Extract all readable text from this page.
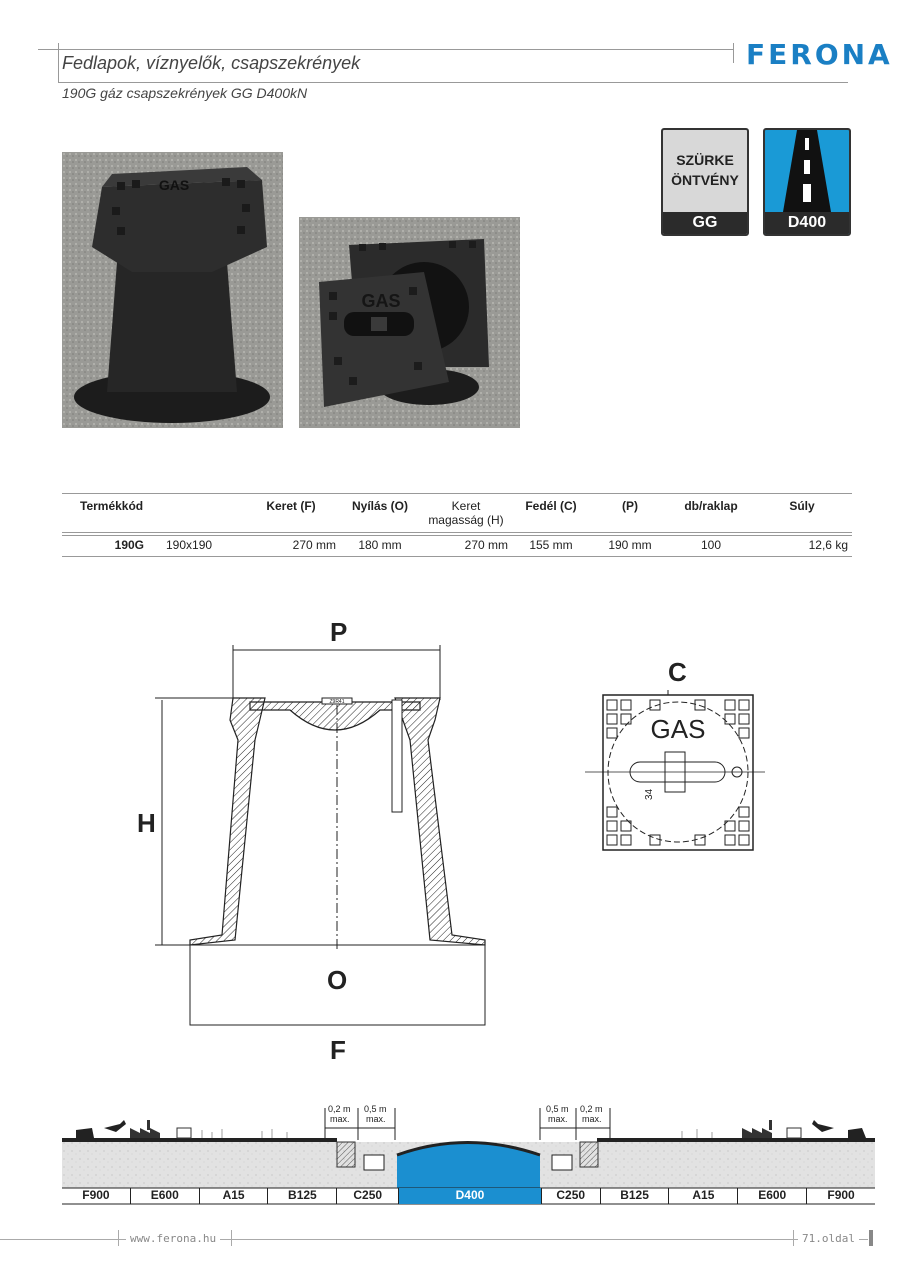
Fedlapok, víznyelők, csapszekrények
190G gáz csapszekrények GG D400kN
FERONA
GAS
GAS
SZÜRKE
ÖNTVÉNY
GG	D400
Termékkód		Keret (F)	Nyílás (O)	Keret magasság (H)	Fedél (C)	(P)	db/raklap	Súly
190G	190x190	270 mm	180 mm	270 mm	155 mm	190 mm	100	12,6 kg
Z9R41
P
H
O
F
C
GAS
34
0,2 m
max.
0,5 m
max.
0,5 m
max.
0,2 m
max.
F900	E600	A15	B125	C250	D400	C250	B125	A15	E600	F900
www.ferona.hu	71.oldal
